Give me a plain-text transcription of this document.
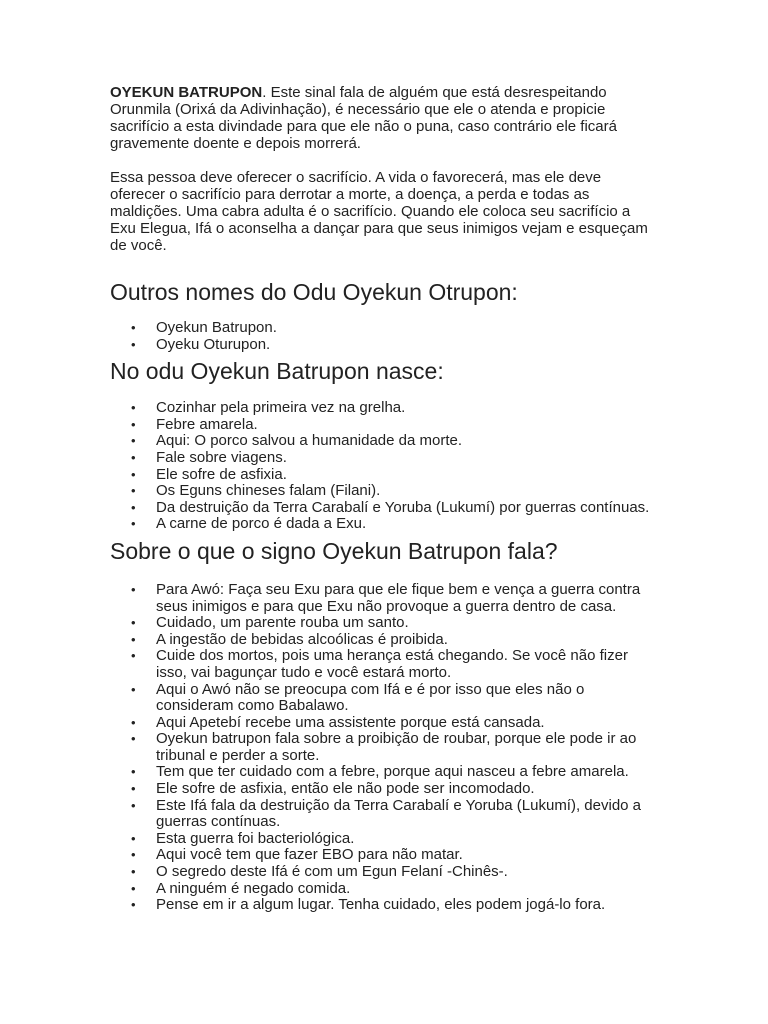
OYEKUN BATRUPON. Este sinal fala de alguém que está desrespeitando Orunmila (Orixá da Adivinhação), é necessário que ele o atenda e propicie sacrifício a esta divindade para que ele não o puna, caso contrário ele ficará gravemente doente e depois morrerá.

Essa pessoa deve oferecer o sacrifício. A vida o favorecerá, mas ele deve oferecer o sacrifício para derrotar a morte, a doença, a perda e todas as maldições. Uma cabra adulta é o sacrifício. Quando ele coloca seu sacrifício a Exu Elegua, Ifá o aconselha a dançar para que seus inimigos vejam e esqueçam de você.

Outros nomes do Odu Oyekun Otrupon:
• Oyekun Batrupon.
• Oyeku Oturupon.
No odu Oyekun Batrupon nasce:
• Cozinhar pela primeira vez na grelha.
• Febre amarela.
• Aqui: O porco salvou a humanidade da morte.
• Fale sobre viagens.
• Ele sofre de asfixia.
• Os Eguns chineses falam (Filani).
• Da destruição da Terra Carabalí e Yoruba (Lukumí) por guerras contínuas.
• A carne de porco é dada a Exu.
Sobre o que o signo Oyekun Batrupon fala?
• Para Awó: Faça seu Exu para que ele fique bem e vença a guerra contra seus inimigos e para que Exu não provoque a guerra dentro de casa.
• Cuidado, um parente rouba um santo.
• A ingestão de bebidas alcoólicas é proibida.
• Cuide dos mortos, pois uma herança está chegando. Se você não fizer isso, vai bagunçar tudo e você estará morto.
• Aqui o Awó não se preocupa com Ifá e é por isso que eles não o consideram como Babalawo.
• Aqui Apetebí recebe uma assistente porque está cansada.
• Oyekun batrupon fala sobre a proibição de roubar, porque ele pode ir ao tribunal e perder a sorte.
• Tem que ter cuidado com a febre, porque aqui nasceu a febre amarela.
• Ele sofre de asfixia, então ele não pode ser incomodado.
• Este Ifá fala da destruição da Terra Carabalí e Yoruba (Lukumí), devido a guerras contínuas.
• Esta guerra foi bacteriológica.
• Aqui você tem que fazer EBO para não matar.
• O segredo deste Ifá é com um Egun Felaní -Chinês-.
• A ninguém é negado comida.
• Pense em ir a algum lugar. Tenha cuidado, eles podem jogá-lo fora.
